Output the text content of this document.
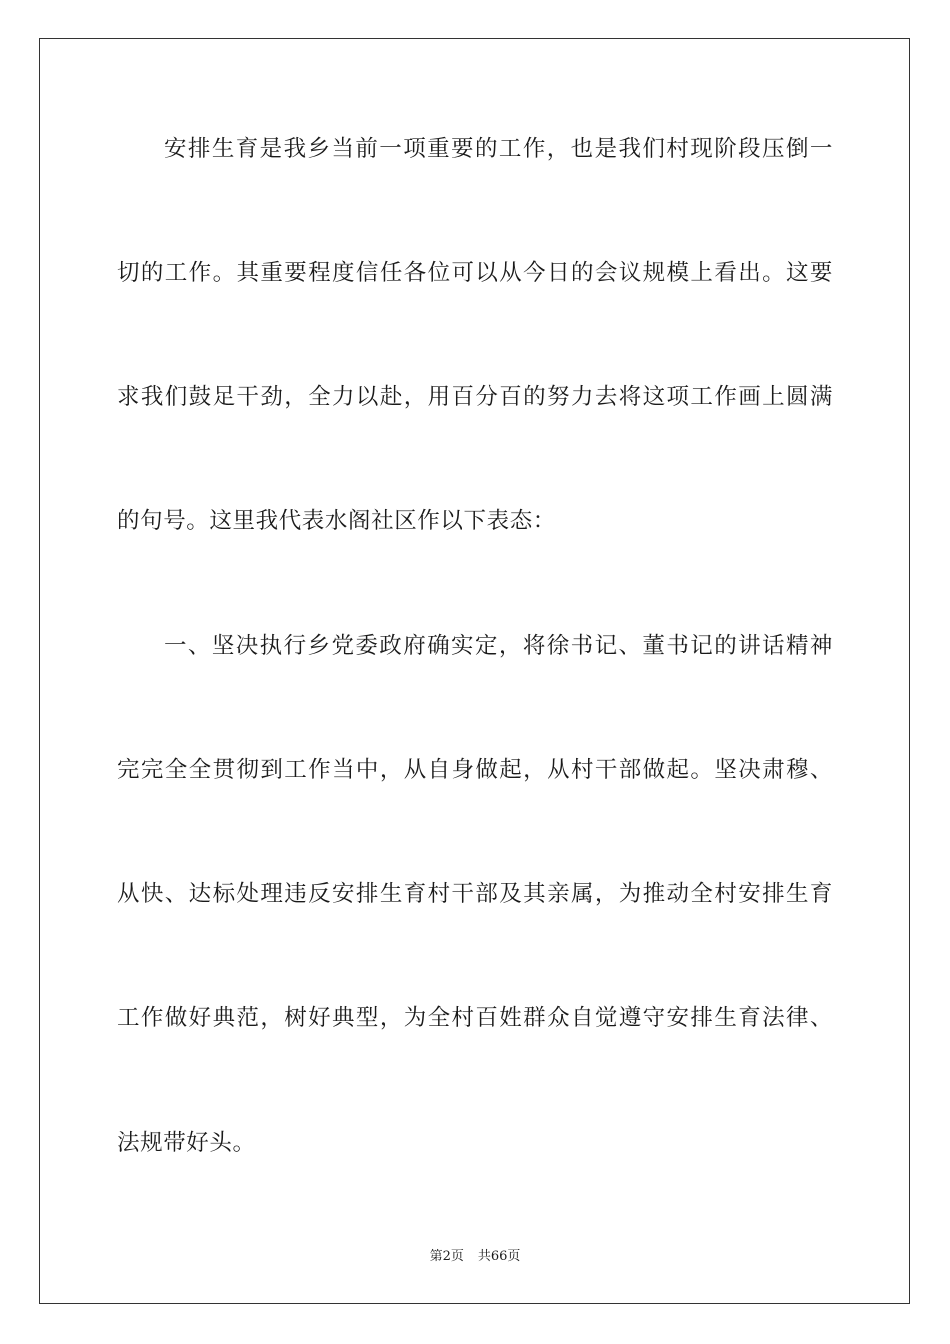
安排生育是我乡当前一项重要的工作，也是我们村现阶段压倒一
切的工作。其重要程度信任各位可以从今日的会议规模上看出。这要
求我们鼓足干劲，全力以赴，用百分百的努力去将这项工作画上圆满
的句号。这里我代表水阁社区作以下表态：
一、坚决执行乡党委政府确实定，将徐书记、董书记的讲话精神
完完全全贯彻到工作当中，从自身做起，从村干部做起。坚决肃穆、
从快、达标处理违反安排生育村干部及其亲属，为推动全村安排生育
工作做好典范，树好典型，为全村百姓群众自觉遵守安排生育法律、
法规带好头。
第2页 共66页
